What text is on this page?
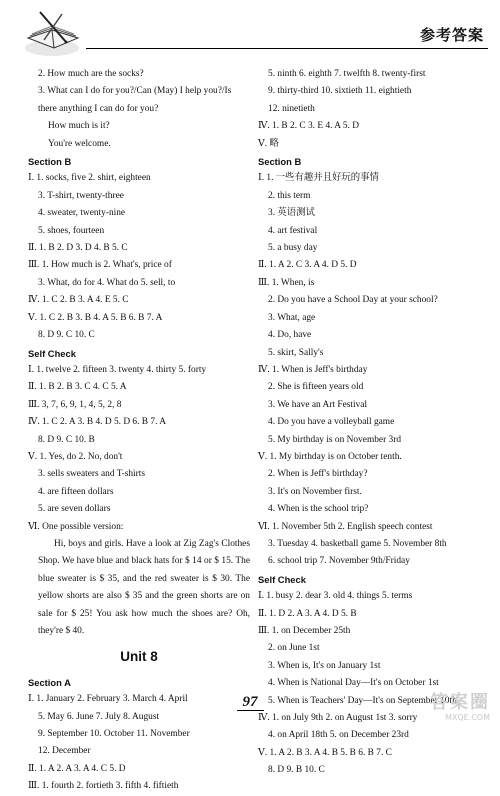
参考答案
2. How much are the socks?
3. What can I do for you?/Can (May) I help you?/Is
there anything I can do for you?
How much is it?
You're welcome.
Section B
Ⅰ. 1. socks, five 2. shirt, eighteen
3. T-shirt, twenty-three
4. sweater, twenty-nine
5. shoes, fourteen
Ⅱ. 1. B 2. D 3. D 4. B 5. C
Ⅲ. 1. How much is 2. What's, price of
3. What, do for 4. What do 5. sell, to
Ⅳ. 1. C 2. B 3. A 4. E 5. C
Ⅴ. 1. C 2. B 3. B 4. A 5. B 6. B 7. A
8. D 9. C 10. C
Self Check
Ⅰ. 1. twelve 2. fifteen 3. twenty 4. thirty 5. forty
Ⅱ. 1. B 2. B 3. C 4. C 5. A
Ⅲ. 3, 7, 6, 9, 1, 4, 5, 2, 8
Ⅳ. 1. C 2. A 3. B 4. D 5. D 6. B 7. A
8. D 9. C 10. B
Ⅴ. 1. Yes, do 2. No, don't
3. sells sweaters and T-shirts
4. are fifteen dollars
5. are seven dollars
Ⅵ. One possible version:
Hi, boys and girls. Have a look at Zig Zag's Clothes Shop. We have blue and black hats for $ 14 or $ 15. The blue sweater is $ 35, and the red sweater is $ 30. The yellow shorts are also $ 35 and the green shorts are on sale for $ 25! You ask how much the shoes are? Oh, they're $ 40.
Unit 8
Section A
Ⅰ. 1. January 2. February 3. March 4. April
5. May 6. June 7. July 8. August
9. September 10. October 11. November
12. December
Ⅱ. 1. A 2. A 3. A 4. C 5. D
Ⅲ. 1. fourth 2. fortieth 3. fifth 4. fiftieth
5. ninth 6. eighth 7. twelfth 8. twenty-first
9. thirty-third 10. sixtieth 11. eightieth
12. ninetieth
Ⅳ. 1. B 2. C 3. E 4. A 5. D
Ⅴ. 略
Section B
Ⅰ. 1. 一些有趣并且好玩的事情
2. this term
3. 英语测试
4. art festival
5. a busy day
Ⅱ. 1. A 2. C 3. A 4. D 5. D
Ⅲ. 1. When, is
2. Do you have a School Day at your school?
3. What, age
4. Do, have
5. skirt, Sally's
Ⅳ. 1. When is Jeff's birthday
2. She is fifteen years old
3. We have an Art Festival
4. Do you have a volleyball game
5. My birthday is on November 3rd
Ⅴ. 1. My birthday is on October tenth.
2. When is Jeff's birthday?
3. It's on November first.
4. When is the school trip?
Ⅵ. 1. November 5th 2. English speech contest
3. Tuesday 4. basketball game 5. November 8th
6. school trip 7. November 9th/Friday
Self Check
Ⅰ. 1. busy 2. dear 3. old 4. things 5. terms
Ⅱ. 1. D 2. A 3. A 4. D 5. B
Ⅲ. 1. on December 25th
2. on June 1st
3. When is, It's on January 1st
4. When is National Day—It's on October 1st
5. When is Teachers' Day—It's on September 10th
Ⅳ. 1. on July 9th 2. on August 1st 3. sorry
4. on April 18th 5. on December 23rd
Ⅴ. 1. A 2. B 3. A 4. B 5. B 6. B 7. C
8. D 9. B 10. C
97	答案圈
MXQE.COM
